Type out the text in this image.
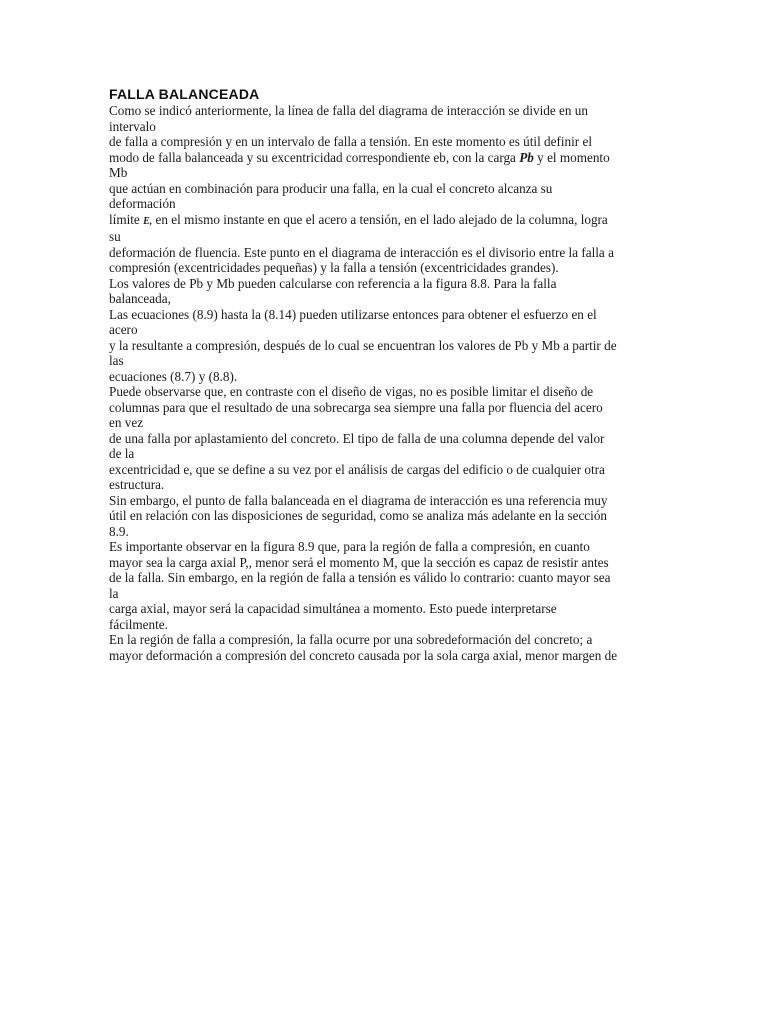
FALLA BALANCEADA
Como se indicó anteriormente, la línea de falla del diagrama de interacción se divide en un
intervalo
de falla a compresión y en un intervalo de falla a tensión. En este momento es útil definir el
modo de falla balanceada y su excentricidad correspondiente eb, con la carga Pb y el momento
Mb
que actúan en combinación para producir una falla, en la cual el concreto alcanza su
deformación
límite E, en el mismo instante en que el acero a tensión, en el lado alejado de la columna, logra
su
deformación de fluencia. Este punto en el diagrama de interacción es el divisorio entre la falla a
compresión (excentricidades pequeñas) y la falla a tensión (excentricidades grandes).
Los valores de Pb y Mb pueden calcularse con referencia a la figura 8.8. Para la falla
balanceada,
Las ecuaciones (8.9) hasta la (8.14) pueden utilizarse entonces para obtener el esfuerzo en el
acero
y la resultante a compresión, después de lo cual se encuentran los valores de Pb y Mb a partir de
las
ecuaciones (8.7) y (8.8).
Puede observarse que, en contraste con el diseño de vigas, no es posible limitar el diseño de
columnas para que el resultado de una sobrecarga sea siempre una falla por fluencia del acero
en vez
de una falla por aplastamiento del concreto. El tipo de falla de una columna depende del valor
de la
excentricidad e, que se define a su vez por el análisis de cargas del edificio o de cualquier otra
estructura.
Sin embargo, el punto de falla balanceada en el diagrama de interacción es una referencia muy
útil en relación con las disposiciones de seguridad, como se analiza más adelante en la sección
8.9.
Es importante observar en la figura 8.9 que, para la región de falla a compresión, en cuanto
mayor sea la carga axial P,, menor será el momento M, que la sección es capaz de resistir antes
de la falla. Sin embargo, en la región de falla a tensión es válido lo contrario: cuanto mayor sea
la
carga axial, mayor será la capacidad simultánea a momento. Esto puede interpretarse
fácilmente.
En la región de falla a compresión, la falla ocurre por una sobredeformación del concreto; a
mayor deformación a compresión del concreto causada por la sola carga axial, menor margen de
